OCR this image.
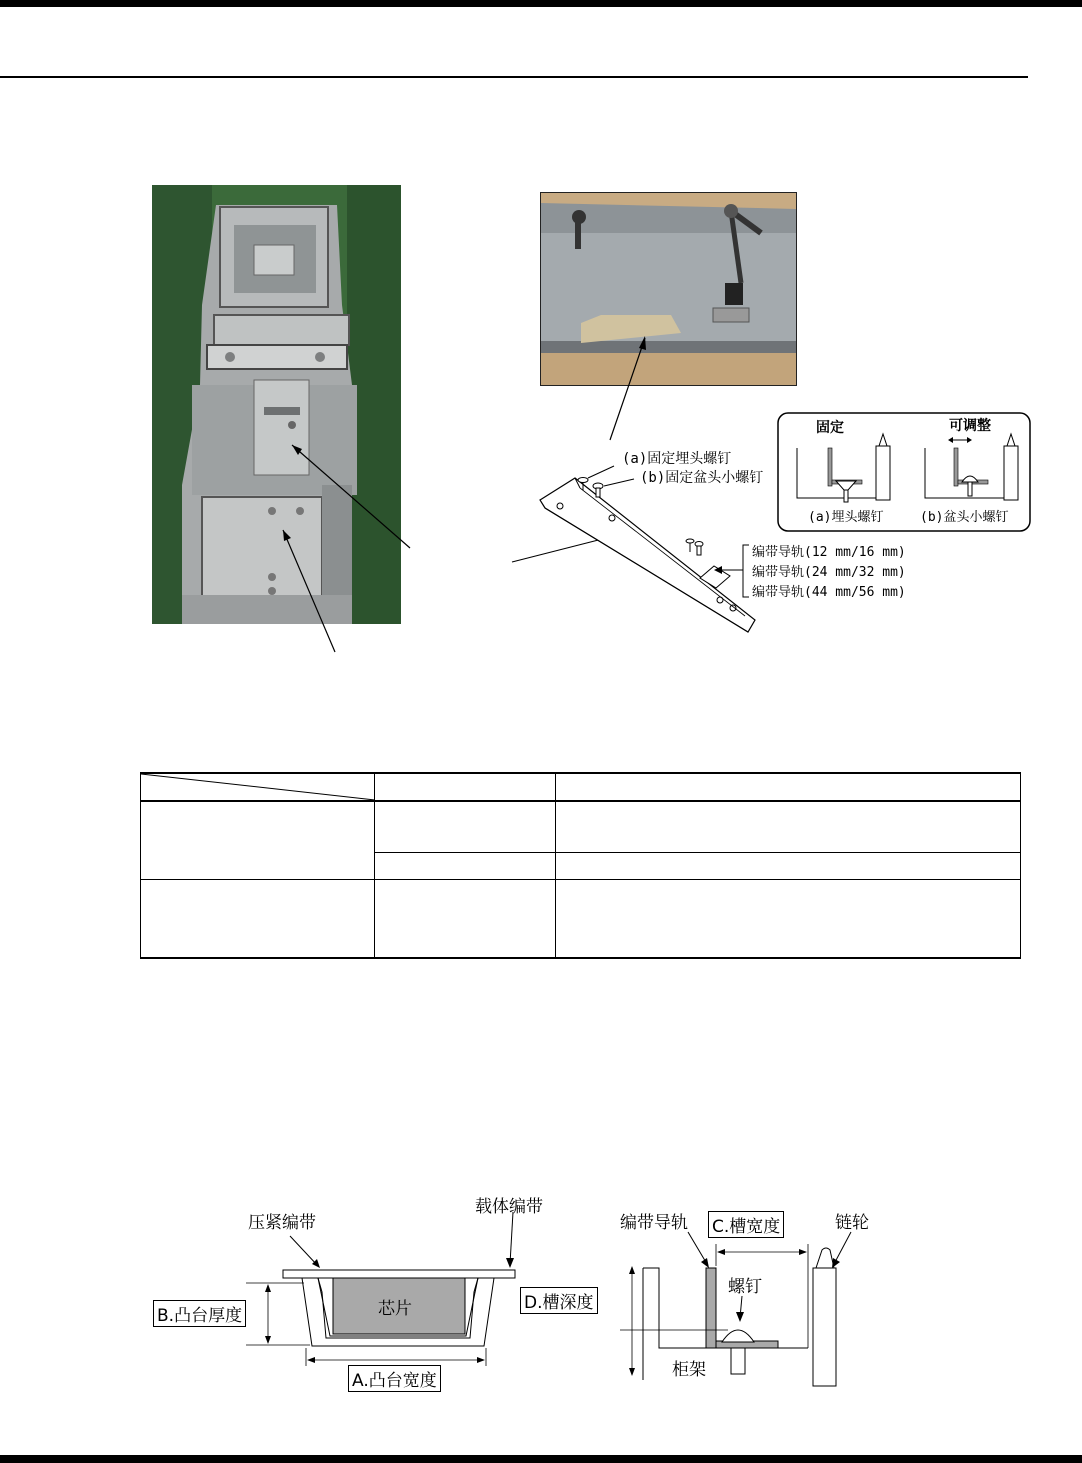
(a)固定埋头螺钉
(b)固定盆头小螺钉
编带导轨(12 mm/16 mm)
编带导轨(24 mm/32 mm)
编带导轨(44 mm/56 mm)
固定	可调整
(a)埋头螺钉	(b)盆头小螺钉

压紧编带
载体编带
芯片
B.凸台厚度
D.槽深度
A.凸台宽度
编带导轨 C.槽宽度	链轮
螺钉
柜架
